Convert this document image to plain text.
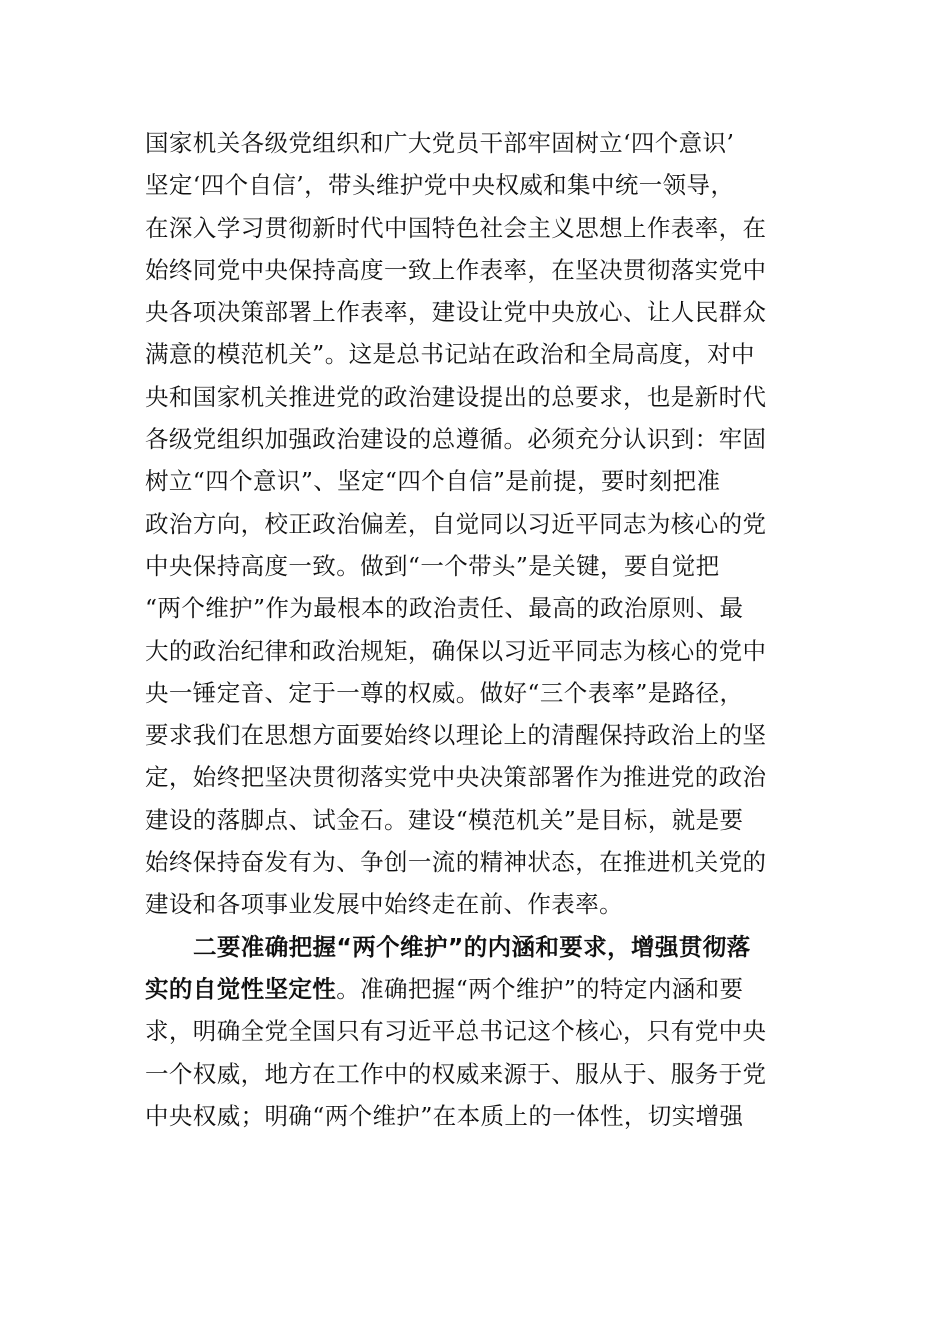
国家机关各级党组织和广大党员干部牢固树立‘四个意识’
坚定‘四个自信’，带头维护党中央权威和集中统一领导，
在深入学习贯彻新时代中国特色社会主义思想上作表率，在
始终同党中央保持高度一致上作表率，在坚决贯彻落实党中
央各项决策部署上作表率，建设让党中央放心、让人民群众
满意的模范机关”。这是总书记站在政治和全局高度，对中
央和国家机关推进党的政治建设提出的总要求，也是新时代
各级党组织加强政治建设的总遵循。必须充分认识到：牢固
树立“四个意识”、坚定“四个自信”是前提，要时刻把准
政治方向，校正政治偏差，自觉同以习近平同志为核心的党
中央保持高度一致。做到“一个带头”是关键，要自觉把
“两个维护”作为最根本的政治责任、最高的政治原则、最
大的政治纪律和政治规矩，确保以习近平同志为核心的党中
央一锤定音、定于一尊的权威。做好“三个表率”是路径，
要求我们在思想方面要始终以理论上的清醒保持政治上的坚
定，始终把坚决贯彻落实党中央决策部署作为推进党的政治
建设的落脚点、试金石。建设“模范机关”是目标，就是要
始终保持奋发有为、争创一流的精神状态，在推进机关党的
建设和各项事业发展中始终走在前、作表率。
二要准确把握“两个维护”的内涵和要求，增强贯彻落
实的自觉性坚定性。准确把握“两个维护”的特定内涵和要
求，明确全党全国只有习近平总书记这个核心，只有党中央
一个权威，地方在工作中的权威来源于、服从于、服务于党
中央权威；明确“两个维护”在本质上的一体性，切实增强
